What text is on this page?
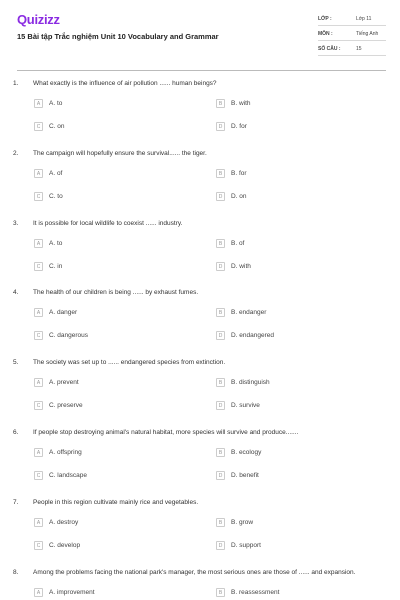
Quizizz
15 Bài tập Trắc nghiệm Unit 10 Vocabulary and Grammar
LỚP :	Lớp 11
MÔN :	Tiếng Anh
SỐ CÂU :	15
1. What exactly is the influence of air pollution ...... human beings?
A	A. to	B	B. with
C	C. on	D	D. for
2. The campaign will hopefully ensure the survival...... the tiger.
A	A. of	B	B. for
C	C. to	D	D. on
3. It is possible for local wildlife to coexist ...... industry.
A	A. to	B	B. of
C	C. in	D	D. with
4. The health of our children is being ...... by exhaust fumes.
A	A. danger	B	B. endanger
C	C. dangerous	D	D. endangered
5. The society was set up to ...... endangered species from extinction.
A	A. prevent	B	B. distinguish
C	C. preserve	D	D. survive
6. If people stop destroying animal's natural habitat, more species will survive and produce.......
A	A. offspring	B	B. ecology
C	C. landscape	D	D. benefit
7. People in this region cultivate mainly rice and vegetables.
A	A. destroy	B	B. grow
C	C. develop	D	D. support
8. Among the problems facing the national park's manager, the most serious ones are those of ...... and expansion.
A	A. improvement	B	B. reassessment
